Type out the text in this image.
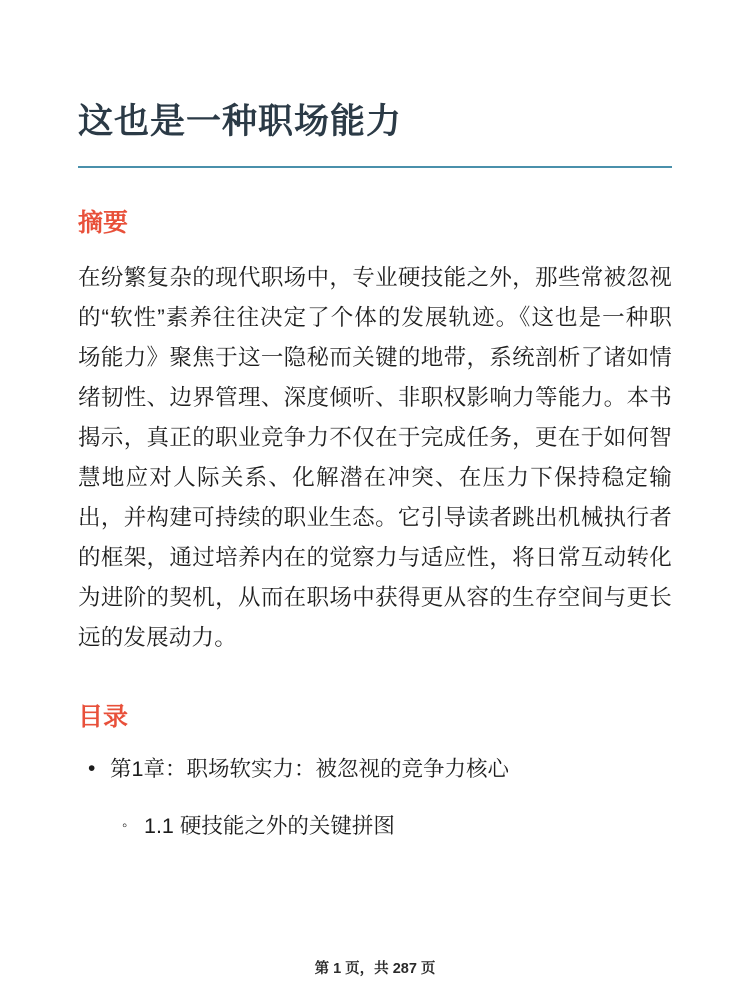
这也是一种职场能力
摘要

在纷繁复杂的现代职场中，专业硬技能之外，那些常被忽视的“软性”素养往往决定了个体的发展轨迹。《这也是一种职场能力》聚焦于这一隐秘而关键的地带，系统剖析了诸如情绪韧性、边界管理、深度倾听、非职权影响力等能力。本书揭示，真正的职业竞争力不仅在于完成任务，更在于如何智慧地应对人际关系、化解潜在冲突、在压力下保持稳定输出，并构建可持续的职业生态。它引导读者跳出机械执行者的框架，通过培养内在的觉察力与适应性，将日常互动转化为进阶的契机，从而在职场中获得更从容的生存空间与更长远的发展动力。

目录
• 第1章：职场软实力：被忽视的竞争力核心
◦ 1.1 硬技能之外的关键拼图
第 1 页，共 287 页
